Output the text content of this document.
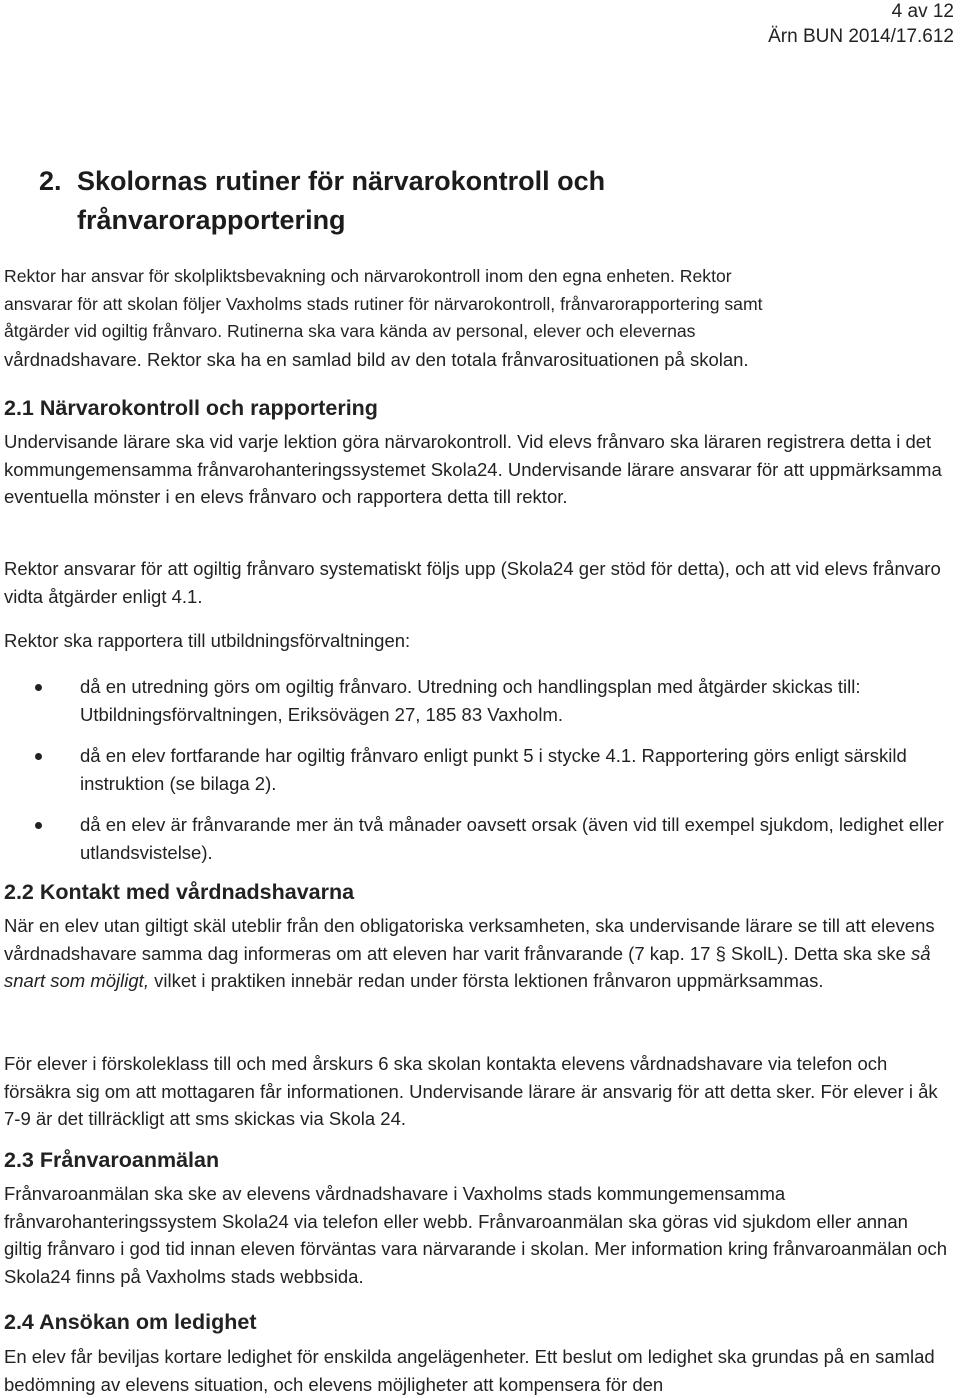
4 av 12
Ärn BUN 2014/17.612
2. Skolornas rutiner för närvarokontroll och
frånvarorapportering
Rektor har ansvar för skolpliktsbevakning och närvarokontroll inom den egna enheten. Rektor
ansvarar för att skolan följer Vaxholms stads rutiner för närvarokontroll, frånvarorapportering samt
åtgärder vid ogiltig frånvaro. Rutinerna ska vara kända av personal, elever och elevernas
vårdnadshavare. Rektor ska ha en samlad bild av den totala frånvarosituationen på skolan.
2.1 Närvarokontroll och rapportering

Undervisande lärare ska vid varje lektion göra närvarokontroll. Vid elevs frånvaro ska läraren registrera detta i det kommungemensamma frånvarohanteringssystemet Skola24. Undervisande lärare ansvarar för att uppmärksamma eventuella mönster i en elevs frånvaro och rapportera detta till rektor.

Rektor ansvarar för att ogiltig frånvaro systematiskt följs upp (Skola24 ger stöd för detta), och att vid elevs frånvaro vidta åtgärder enligt 4.1.

Rektor ska rapportera till utbildningsförvaltningen:

då en utredning görs om ogiltig frånvaro. Utredning och handlingsplan med åtgärder skickas till: Utbildningsförvaltningen, Eriksövägen 27, 185 83 Vaxholm.
då en elev fortfarande har ogiltig frånvaro enligt punkt 5 i stycke 4.1. Rapportering görs enligt särskild instruktion (se bilaga 2).
då en elev är frånvarande mer än två månader oavsett orsak (även vid till exempel sjukdom, ledighet eller utlandsvistelse).
2.2 Kontakt med vårdnadshavarna

När en elev utan giltigt skäl uteblir från den obligatoriska verksamheten, ska undervisande lärare se till att elevens vårdnadshavare samma dag informeras om att eleven har varit frånvarande (7 kap. 17 § SkolL). Detta ska ske så snart som möjligt, vilket i praktiken innebär redan under första lektionen frånvaron uppmärksammas.

För elever i förskoleklass till och med årskurs 6 ska skolan kontakta elevens vårdnadshavare via telefon och försäkra sig om att mottagaren får informationen. Undervisande lärare är ansvarig för att detta sker. För elever i åk 7-9 är det tillräckligt att sms skickas via Skola 24.

2.3 Frånvaroanmälan

Frånvaroanmälan ska ske av elevens vårdnadshavare i Vaxholms stads kommungemensamma frånvarohanteringssystem Skola24 via telefon eller webb. Frånvaroanmälan ska göras vid sjukdom eller annan giltig frånvaro i god tid innan eleven förväntas vara närvarande i skolan. Mer information kring frånvaroanmälan och Skola24 finns på Vaxholms stads webbsida.

2.4 Ansökan om ledighet

En elev får beviljas kortare ledighet för enskilda angelägenheter. Ett beslut om ledighet ska grundas på en samlad bedömning av elevens situation, och elevens möjligheter att kompensera för den
